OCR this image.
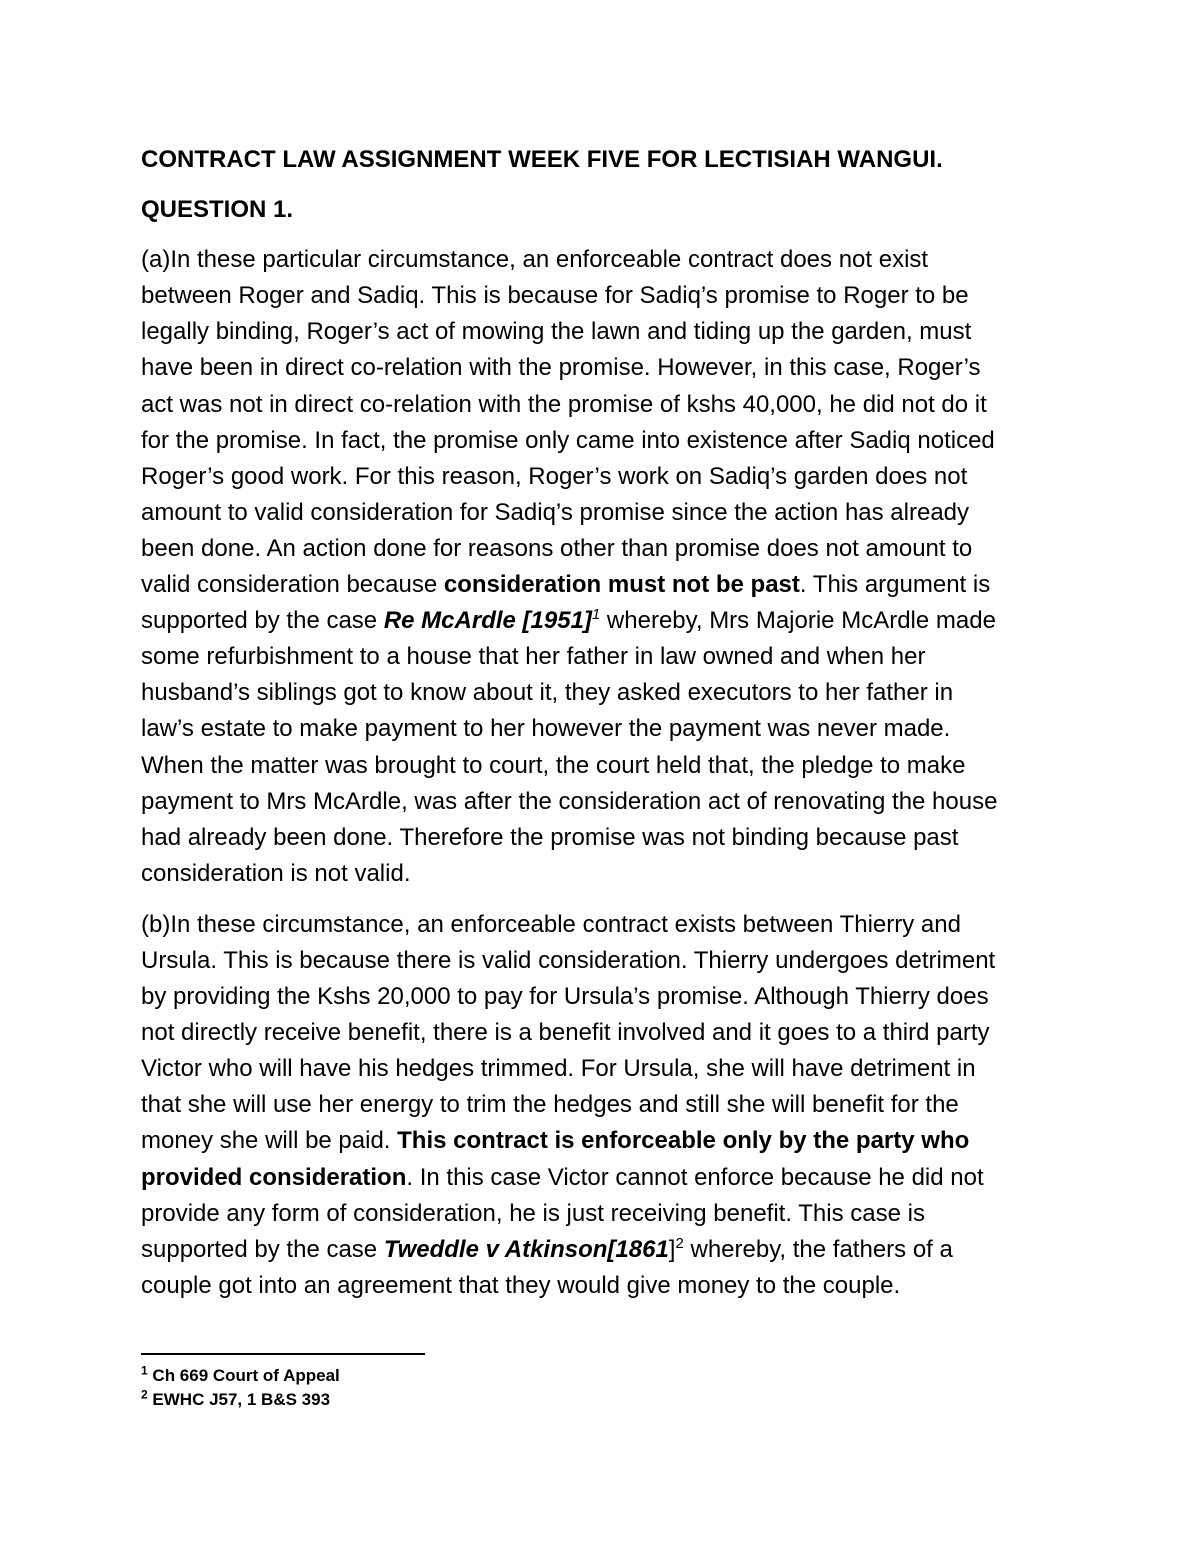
CONTRACT LAW ASSIGNMENT WEEK FIVE FOR LECTISIAH WANGUI.
QUESTION 1.
(a)In these particular circumstance, an enforceable contract does not exist
between Roger and Sadiq. This is because for Sadiq’s promise to Roger to be
legally binding, Roger’s act of mowing the lawn and tiding up the garden, must
have been in direct co-relation with the promise. However, in this case, Roger’s
act was not in direct co-relation with the promise of kshs 40,000, he did not do it
for the promise. In fact, the promise only came into existence after Sadiq noticed
Roger’s good work. For this reason, Roger’s work on Sadiq’s garden does not
amount to valid consideration for Sadiq’s promise since the action has already
been done. An action done for reasons other than promise does not amount to
valid consideration because consideration must not be past. This argument is
supported by the case Re McArdle $[1951]^1$ whereby, Mrs Majorie McArdle made
some refurbishment to a house that her father in law owned and when her
husband’s siblings got to know about it, they asked executors to her father in
law’s estate to make payment to her however the payment was never made.
When the matter was brought to court, the court held that, the pledge to make
payment to Mrs McArdle, was after the consideration act of renovating the house
had already been done. Therefore the promise was not binding because past
consideration is not valid.
(b)In these circumstance, an enforceable contract exists between Thierry and
Ursula. This is because there is valid consideration. Thierry undergoes detriment
by providing the Kshs 20,000 to pay for Ursula’s promise. Although Thierry does
not directly receive benefit, there is a benefit involved and it goes to a third party
Victor who will have his hedges trimmed. For Ursula, she will have detriment in
that she will use her energy to trim the hedges and still she will benefit for the
money she will be paid. This contract is enforceable only by the party who
provided consideration. In this case Victor cannot enforce because he did not
provide any form of consideration, he is just receiving benefit. This case is
supported by the case Tweddle v $Atkinson[1861]^2$ whereby, the fathers of a
couple got into an agreement that they would give money to the couple.
$^1$ Ch 669 Court of Appeal
$^2$ EWHC J57, 1 B&S 393
